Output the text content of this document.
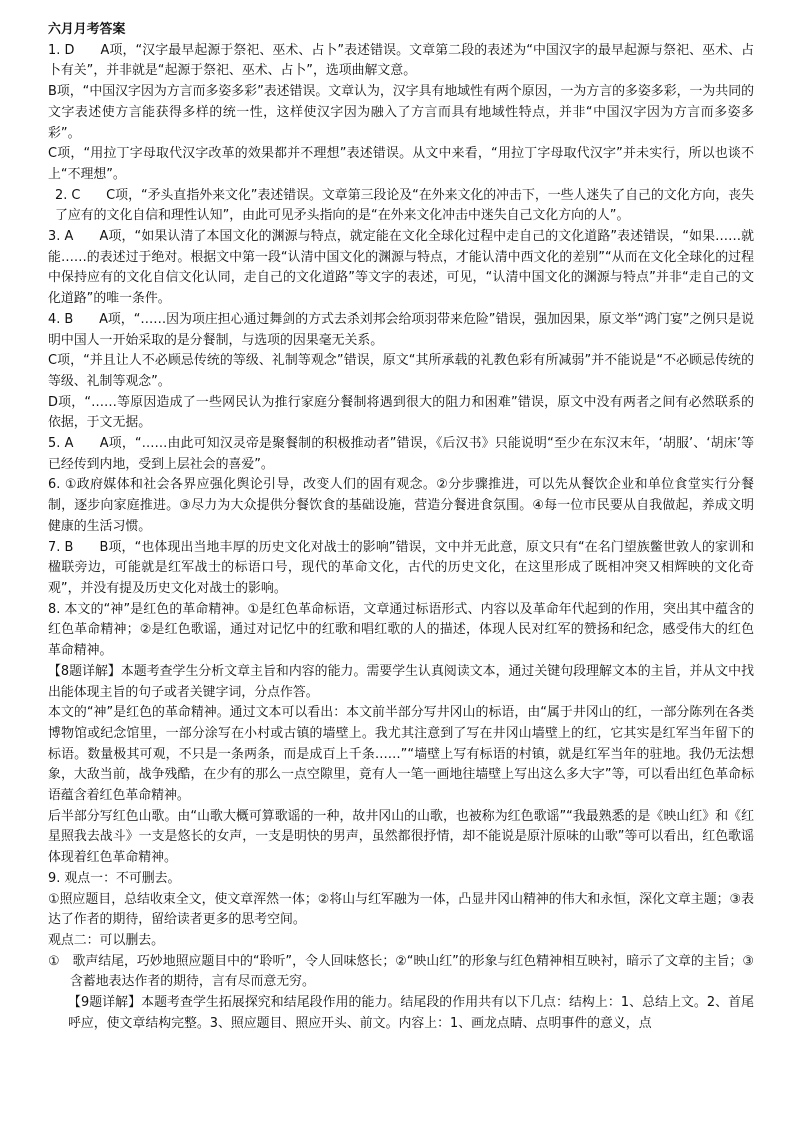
六月月考答案

1. D　　A项，“汉字最早起源于祭祀、巫术、占卜”表述错误。文章第二段的表述为“中国汉字的最早起源与祭祀、巫术、占卜有关”，并非就是“起源于祭祀、巫术、占卜”，选项曲解文意。

B项，“中国汉字因为方言而多姿多彩”表述错误。文章认为，汉字具有地域性有两个原因，一为方言的多姿多彩，一为共同的文字表述使方言能获得多样的统一性，这样使汉字因为融入了方言而具有地域性特点，并非“中国汉字因为方言而多姿多彩”。

C项，“用拉丁字母取代汉字改革的效果都并不理想”表述错误。从文中来看，“用拉丁字母取代汉字”并未实行，所以也谈不上“不理想”。

2. C　　C项，“矛头直指外来文化”表述错误。文章第三段论及“在外来文化的冲击下，一些人迷失了自己的文化方向，丧失了应有的文化自信和理性认知”，由此可见矛头指向的是“在外来文化冲击中迷失自己文化方向的人”。

3. A　　A项，“如果认清了本国文化的渊源与特点，就定能在文化全球化过程中走自己的文化道路”表述错误，“如果……就能……的表述过于绝对。根据文中第一段“认清中国文化的渊源与特点，才能认清中西文化的差别”“从而在文化全球化的过程中保持应有的文化自信文化认同，走自己的文化道路”等文字的表述，可见，“认清中国文化的渊源与特点”并非“走自己的文化道路”的唯一条件。

4. B　　A项，“……因为项庄担心通过舞剑的方式去杀刘邦会给项羽带来危险”错误，强加因果，原文举“鸿门宴”之例只是说明中国人一开始采取的是分餐制，与选项的因果毫无关系。

C项，“并且让人不必顾忌传统的等级、礼制等观念”错误，原文“其所承载的礼教色彩有所减弱”并不能说是“不必顾忌传统的等级、礼制等观念”。

D项，“……等原因造成了一些网民认为推行家庭分餐制将遇到很大的阻力和困难”错误，原文中没有两者之间有必然联系的依据，于文无据。

5. A　　A项，“……由此可知汉灵帝是聚餐制的积极推动者”错误，《后汉书》只能说明“至少在东汉末年，‘胡服’、‘胡床’等已经传到内地，受到上层社会的喜爱”。

6. ①政府媒体和社会各界应强化舆论引导，改变人们的固有观念。②分步骤推进，可以先从餐饮企业和单位食堂实行分餐制，逐步向家庭推进。③尽力为大众提供分餐饮食的基础设施，营造分餐进食氛围。④每一位市民要从自我做起，养成文明健康的生活习惯。

7. B　　B项，“也体现出当地丰厚的历史文化对战士的影响”错误，文中并无此意，原文只有“在名门望族鳖世敦人的家训和楹联旁边，可能就是红军战士的标语口号，现代的革命文化，古代的历史文化，在这里形成了既相冲突又相辉映的文化奇观”，并没有提及历史文化对战士的影响。

8. 本文的“神”是红色的革命精神。①是红色革命标语，文章通过标语形式、内容以及革命年代起到的作用，突出其中蕴含的红色革命精神；②是红色歌谣，通过对记忆中的红歌和唱红歌的人的描述，体现人民对红军的赞扬和纪念，感受伟大的红色革命精神。

【8题详解】本题考查学生分析文章主旨和内容的能力。需要学生认真阅读文本，通过关键句段理解文本的主旨，并从文中找出能体现主旨的句子或者关键字词，分点作答。

本文的“神”是红色的革命精神。通过文本可以看出：本文前半部分写井冈山的标语，由“属于井冈山的红，一部分陈列在各类博物馆或纪念馆里，一部分涂写在小村或古镇的墙壁上。我尤其注意到了写在井冈山墙壁上的红，它其实是红军当年留下的标语。数量极其可观，不只是一条两条，而是成百上千条……”“墙壁上写有标语的村镇，就是红军当年的驻地。我仍无法想象，大敌当前，战争残酷，在少有的那么一点空隙里，竟有人一笔一画地往墙壁上写出这么多大字”等，可以看出红色革命标语蕴含着红色革命精神。

后半部分写红色山歌。由“山歌大概可算歌谣的一种，故井冈山的山歌，也被称为红色歌谣”“我最熟悉的是《映山红》和《红星照我去战斗》一支是悠长的女声，一支是明快的男声，虽然都很抒情，却不能说是原汁原味的山歌”等可以看出，红色歌谣体现着红色革命精神。

9. 观点一：不可删去。

①照应题目，总结收束全文，使文章浑然一体；②将山与红军融为一体，凸显井冈山精神的伟大和永恒，深化文章主题；③表达了作者的期待，留给读者更多的思考空间。

观点二：可以删去。

①　歌声结尾，巧妙地照应题目中的“聆听”，令人回味悠长；②“映山红”的形象与红色精神相互映衬，暗示了文章的主旨；③含蓄地表达作者的期待，言有尽而意无穷。

【9题详解】本题考查学生拓展探究和结尾段作用的能力。结尾段的作用共有以下几点：结构上：1、总结上文。2、首尾呼应，使文章结构完整。3、照应题目、照应开头、前文。内容上：1、画龙点睛、点明事件的意义，点
